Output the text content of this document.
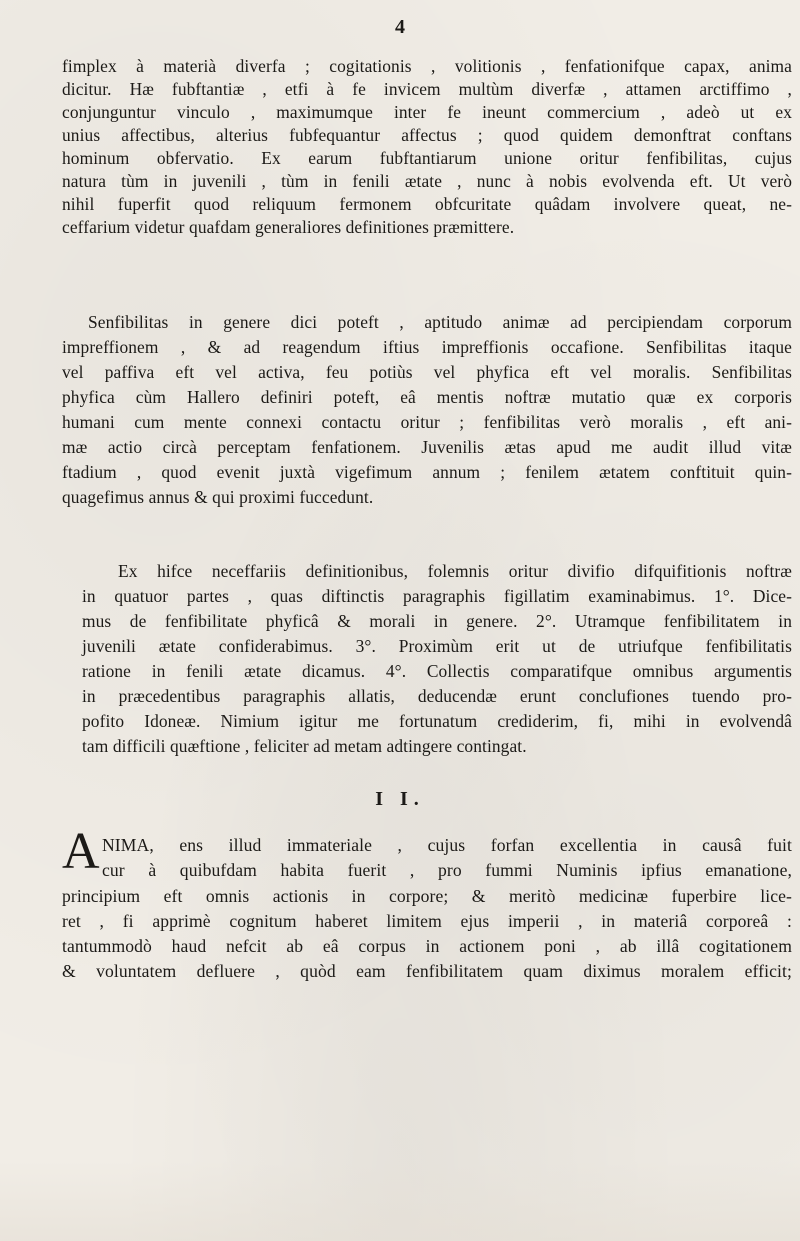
4
fimplex à materià diverfa ; cogitationis , volitionis , fenfationifque capax, anima
dicitur. Hæ fubftantiæ , etfi à fe invicem multùm diverfæ , attamen arctiffimo ,
conjunguntur vinculo , maximumque inter fe ineunt commercium , adeò ut ex
unius affectibus, alterius fubfequantur affectus ; quod quidem demonftrat conftans
hominum obfervatio. Ex earum fubftantiarum unione oritur fenfibilitas, cujus
natura tùm in juvenili , tùm in fenili ætate , nunc à nobis evolvenda eft. Ut verò
nihil fuperfit quod reliquum fermonem obfcuritate quâdam involvere queat, ne-
ceffarium videtur quafdam generaliores definitiones præmittere.
Senfibilitas in genere dici poteft , aptitudo animæ ad percipiendam corporum
impreffionem , & ad reagendum iftius impreffionis occafione. Senfibilitas itaque
vel paffiva eft vel activa, feu potiùs vel phyfica eft vel moralis. Senfibilitas
phyfica cùm Hallero definiri poteft, eâ mentis noftræ mutatio quæ ex corporis
humani cum mente connexi contactu oritur ; fenfibilitas verò moralis , eft ani-
mæ actio circà perceptam fenfationem. Juvenilis ætas apud me audit illud vitæ
ftadium , quod evenit juxtà vigefimum annum ; fenilem ætatem conftituit quin-
quagefimus annus & qui proximi fuccedunt.
Ex hifce neceffariis definitionibus, folemnis oritur divifio difquifitionis noftræ
in quatuor partes , quas diftinctis paragraphis figillatim examinabimus. 1°. Dice-
mus de fenfibilitate phyficâ & morali in genere. 2°. Utramque fenfibilitatem in
juvenili ætate confiderabimus. 3°. Proximùm erit ut de utriufque fenfibilitatis
ratione in fenili ætate dicamus. 4°. Collectis comparatifque omnibus argumentis
in præcedentibus paragraphis allatis, deducendæ erunt conclufiones tuendo pro-
pofito Idoneæ. Nimium igitur me fortunatum crediderim, fi, mihi in evolvendâ
tam difficili quæftione , feliciter ad metam adtingere contingat.
I I.
A NIMA, ens illud immateriale , cujus forfan excellentia in causâ fuit
cur à quibufdam habita fuerit , pro fummi Numinis ipfius emanatione,
principium eft omnis actionis in corpore; & meritò medicinæ fuperbire lice-
ret , fi apprimè cognitum haberet limitem ejus imperii , in materiâ corporeâ :
tantummodò haud nefcit ab eâ corpus in actionem poni , ab illâ cogitationem
& voluntatem defluere , quòd eam fenfibilitatem quam diximus moralem efficit;
